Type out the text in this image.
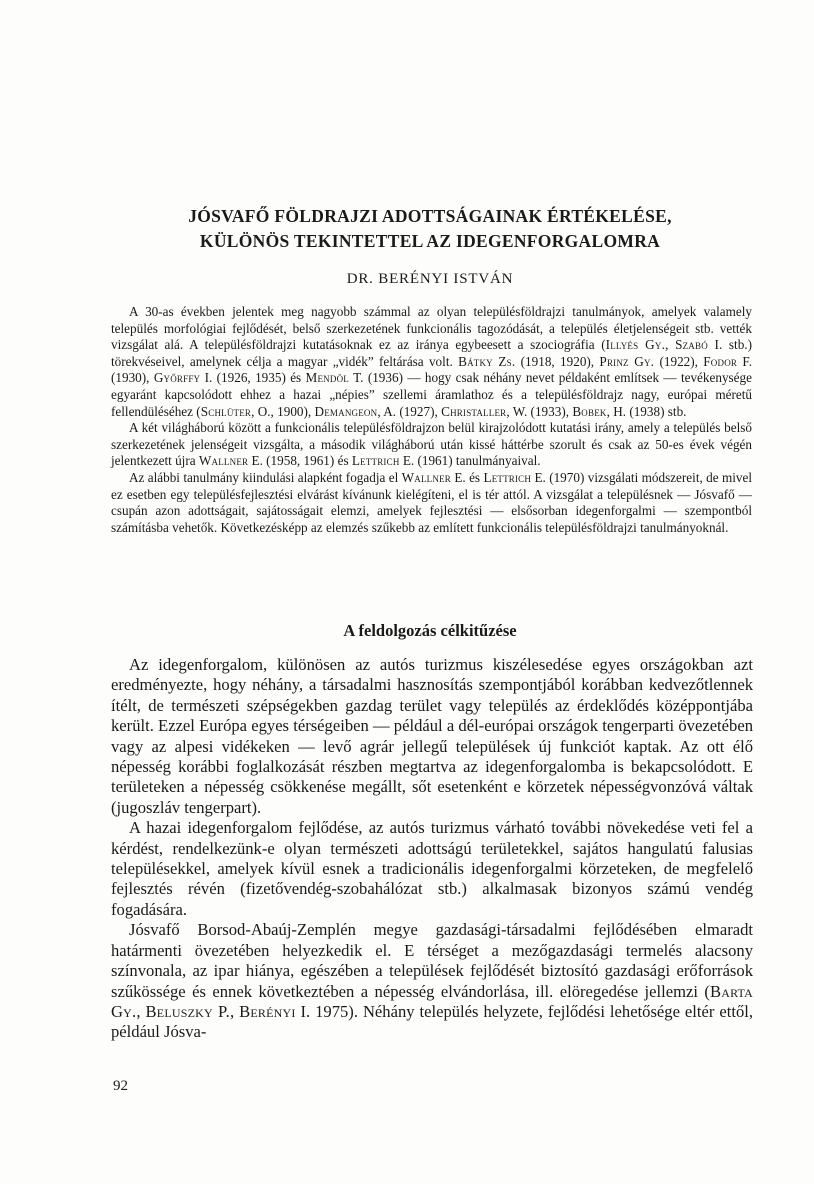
JÓSVAFŐ FÖLDRAJZI ADOTTSÁGAINAK ÉRTÉKELÉSE,
KÜLÖNÖS TEKINTETTEL AZ IDEGENFORGALOMRA
DR. BERÉNYI ISTVÁN

A 30-as években jelentek meg nagyobb számmal az olyan településföldrajzi tanulmányok, amelyek valamely település morfológiai fejlődését, belső szerkezetének funkcionális tagozódását, a település életjelenségeit stb. vették vizsgálat alá. A településföldrajzi kutatásoknak ez az iránya egybeesett a szociográfia (Illyés Gy., Szabó I. stb.) törekvéseivel, amelynek célja a magyar „vidék” feltárása volt. Bátky Zs. (1918, 1920), Prinz Gy. (1922), Fodor F. (1930), Győrffy I. (1926, 1935) és Mendöl T. (1936) — hogy csak néhány nevet példaként említsek — tevékenysége egyaránt kapcsolódott ehhez a hazai „népies” szellemi áramlathoz és a településföldrajz nagy, európai méretű fellendüléséhez (Schlüter, O., 1900), Demangeon, A. (1927), Christaller, W. (1933), Bobek, H. (1938) stb.

A két világháború között a funkcionális településföldrajzon belül kirajzolódott kutatási irány, amely a település belső szerkezetének jelenségeit vizsgálta, a második világháború után kissé háttérbe szorult és csak az 50-es évek végén jelentkezett újra Wallner E. (1958, 1961) és Lettrich E. (1961) tanulmányaival.

Az alábbi tanulmány kiindulási alapként fogadja el Wallner E. és Lettrich E. (1970) vizsgálati módszereit, de mivel ez esetben egy településfejlesztési elvárást kívánunk kielégíteni, el is tér attól. A vizsgálat a településnek — Jósvafő — csupán azon adottságait, sajátosságait elemzi, amelyek fejlesztési — elsősorban idegenforgalmi — szempontból számításba vehetők. Következésképp az elemzés szűkebb az említett funkcionális településföldrajzi tanulmányoknál.

A feldolgozás célkitűzése

Az idegenforgalom, különösen az autós turizmus kiszélesedése egyes országokban azt eredményezte, hogy néhány, a társadalmi hasznosítás szempontjából korábban kedvezőtlennek ítélt, de természeti szépségekben gazdag terület vagy település az érdeklődés középpontjába került. Ezzel Európa egyes térségeiben — például a dél-európai országok tengerparti övezetében vagy az alpesi vidékeken — levő agrár jellegű települések új funkciót kaptak. Az ott élő népesség korábbi foglalkozását részben megtartva az idegenforgalomba is bekapcsolódott. E területeken a népesség csökkenése megállt, sőt esetenként e körzetek népességvonzóvá váltak (jugoszláv tengerpart).

A hazai idegenforgalom fejlődése, az autós turizmus várható további növekedése veti fel a kérdést, rendelkezünk-e olyan természeti adottságú területekkel, sajátos hangulatú falusias településekkel, amelyek kívül esnek a tradicionális idegenforgalmi körzeteken, de megfelelő fejlesztés révén (fizetővendég-szobahálózat stb.) alkalmasak bizonyos számú vendég fogadására.

Jósvafő Borsod-Abaúj-Zemplén megye gazdasági-társadalmi fejlődésében elmaradt határmenti övezetében helyezkedik el. E térséget a mezőgazdasági termelés alacsony színvonala, az ipar hiánya, egészében a települések fejlődését biztosító gazdasági erőforrások szűkössége és ennek következtében a népesség elvándorlása, ill. elöregedése jellemzi (Barta Gy., Beluszky P., Berényi I. 1975). Néhány település helyzete, fejlődési lehetősége eltér ettől, például Jósva-

92
